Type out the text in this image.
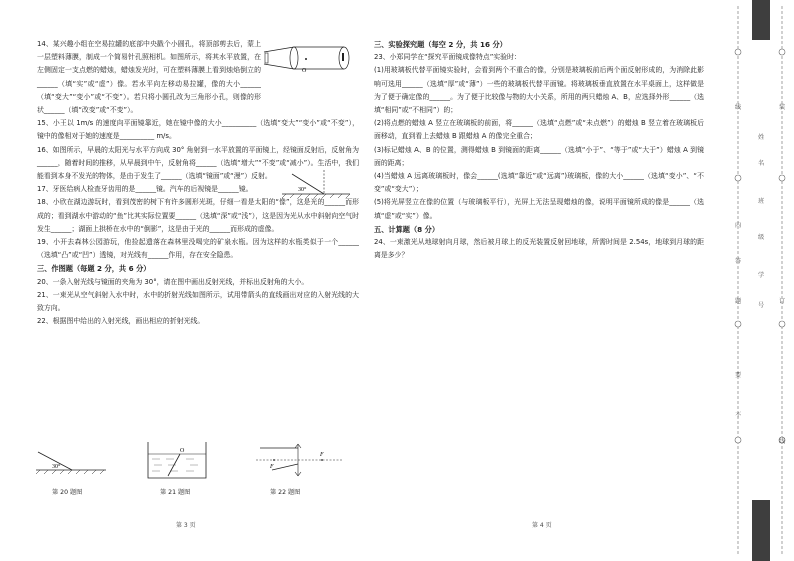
14、某兴趣小组在空易拉罐的底部中央戳个小圆孔，将顶部剪去后，蒙上一层塑料薄膜，制成一个简易针孔照相机。如图所示，将其水平放置，在左侧固定一支点燃的蜡烛，蜡烛发光时，可在塑料薄膜上看到烛焰倒立的______（填“实”或“虚”）像。若水平向左移动易拉罐，像的大小______（填“变大”“变小”或“不变”）。若只将小圆孔改为三角形小孔，则像的形状______（填“改变”或“不变”）。

15、小王以 1m/s 的速度向平面镜靠近，她在镜中像的大小__________（选填“变大”“变小”或“不变”），镜中的像相对于她的速度是__________ m/s。

16、如图所示，早晨的太阳光与水平方向成 30° 角射到一水平放置的平面镜上，经镜面反射后，反射角为______，随着时间的推移，从早晨到中午，反射角将______（选填“增大”“不变”或“减小”）。生活中，我们能看到本身不发光的物体，是由于发生了______（选填“镜面”或“漫”）反射。

17、牙医给病人检查牙齿用的是______镜。汽车的后视镜是______镜。

18、小欣在湖边游玩时，看到茂密的树下有许多圆形光斑，仔细一看是太阳的“像”，这是光的______而形成的；看到湖水中游动的“鱼”比其实际位置要______（选填“深”或“浅”），这是因为光从水中斜射向空气时发生______；湖面上拱桥在水中的“倒影”，这是由于光的______而形成的虚像。

19、小开去森林公园游玩，他捡起遗落在森林里没喝完的矿泉水瓶。因为这样的水瓶类似于一个______（选填“凸”或“凹”）透镜，对光线有______作用，存在安全隐患。

三、作图题（每题 2 分，共 6 分）

20、一条入射光线与镜面的夹角为 30°，请在图中画出反射光线，并标出反射角的大小。

21、一束光从空气斜射入水中时，水中的折射光线如图所示，试用带箭头的直线画出对应的入射光线的大致方向。

22、根据图中给出的入射光线，画出相应的折射光线。

O
30°
30°
第 20 题图
O
第 21 题图
F
F
第 22 题图
第 3 页

三、实验探究题（每空 2 分，共 16 分）

23、小郑同学在“探究平面镜成像特点”实验时：

(1)用玻璃板代替平面镜实验时，会看到两个不重合的像，分别是玻璃板前后两个面反射形成的，为消除此影响可选用______（选填“厚”或“薄”）一些的玻璃板代替平面镜。将玻璃板垂直放置在水平桌面上，这样做是为了便于确定像的______。为了便于比较像与物的大小关系，所用的两只蜡烛 A、B，应选择外形______（选填“相同”或“不相同”）的；

(2)将点燃的蜡烛 A 竖立在玻璃板的前面，将______（选填“点燃”或“未点燃”）的蜡烛 B 竖立着在玻璃板后面移动，直到看上去蜡烛 B 跟蜡烛 A 的像完全重合；

(3)标记蜡烛 A、B 的位置，测得蜡烛 B 到镜面的距离______（选填“小于”、“等于”或“大于”）蜡烛 A 到镜面的距离；

(4)当蜡烛 A 远离玻璃板时，像会______(选填“靠近”或“远离”)玻璃板，像的大小______（选填“变小”、“不变”或“变大”）；

(5)将光屏竖立在像的位置（与玻璃板平行），光屏上无法呈现蜡烛的像，说明平面镜所成的像是______（选填“虚”或“实”）像。

五、计算题（8 分）

24、一束激光从地球射向月球，然后被月球上的反光装置反射回地球，所需时间是 2.54s，地球到月球的距离是多少？

第 4 页
线
内
答
题
要
不
姓
名
班
级
学
号
装
订
线
